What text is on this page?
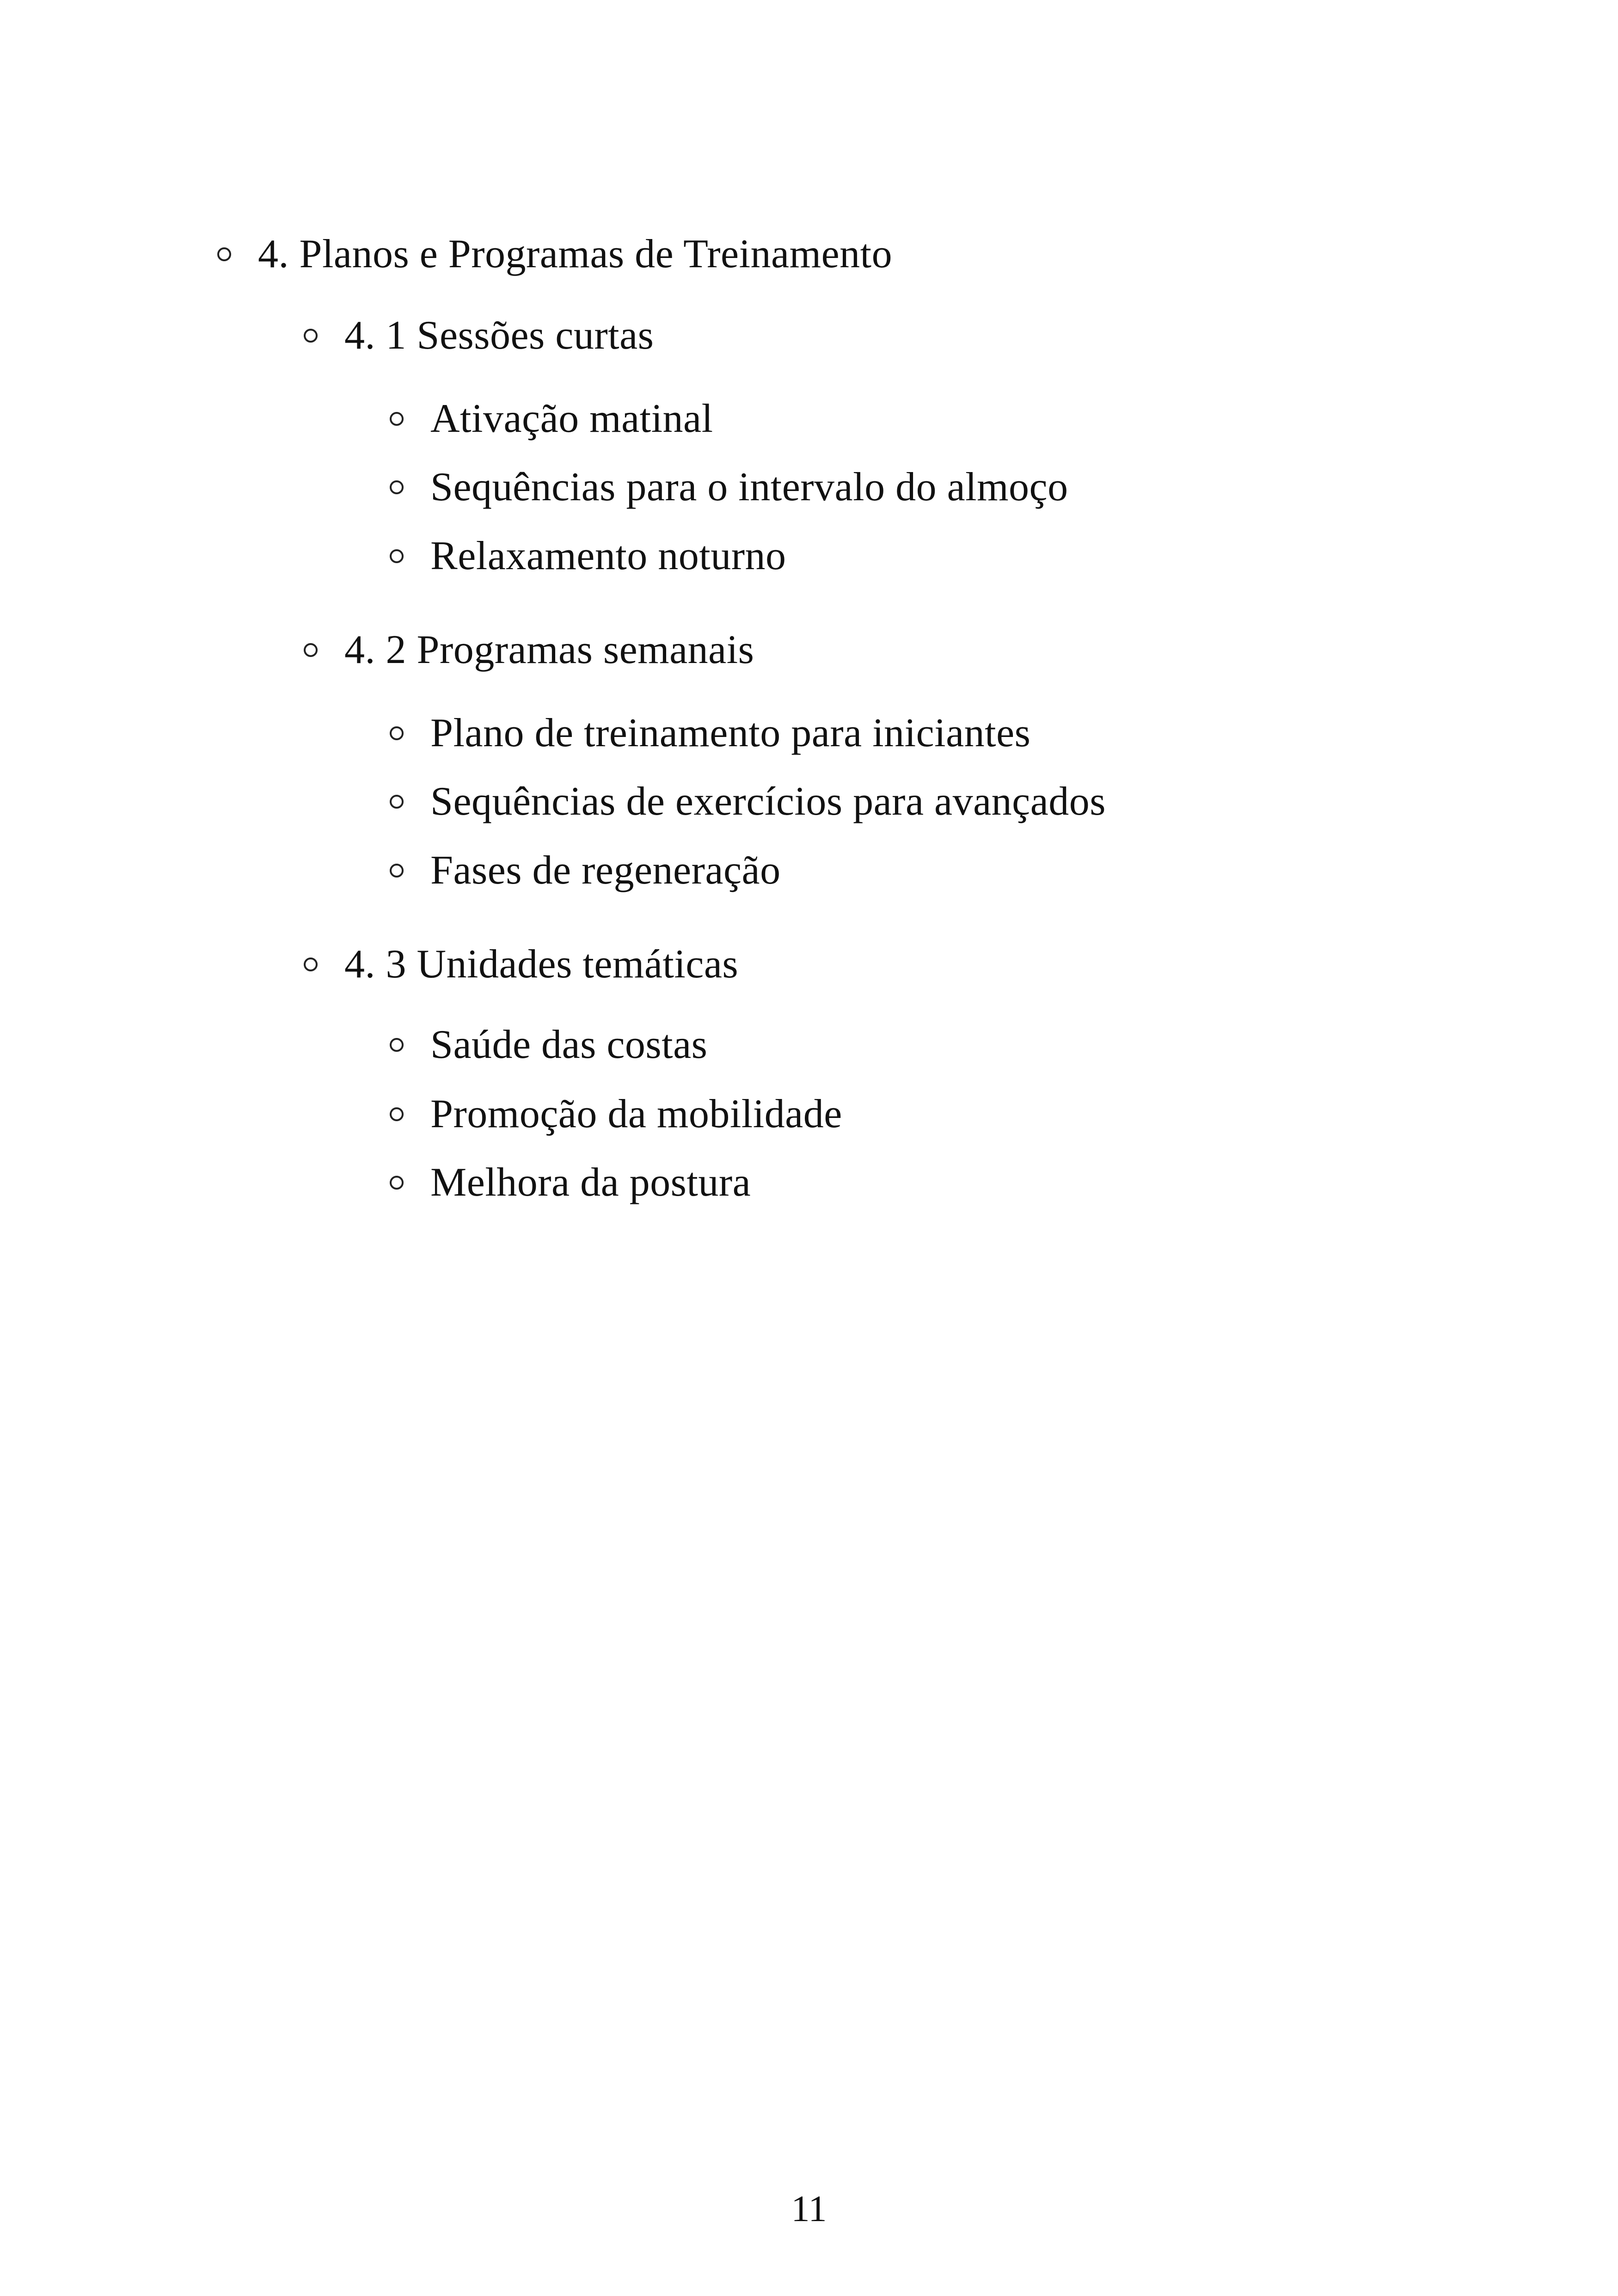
4. Planos e Programas de Treinamento
4. 1 Sessões curtas
Ativação matinal
Sequências para o intervalo do almoço
Relaxamento noturno
4. 2 Programas semanais
Plano de treinamento para iniciantes
Sequências de exercícios para avançados
Fases de regeneração
4. 3 Unidades temáticas
Saúde das costas
Promoção da mobilidade
Melhora da postura
11
